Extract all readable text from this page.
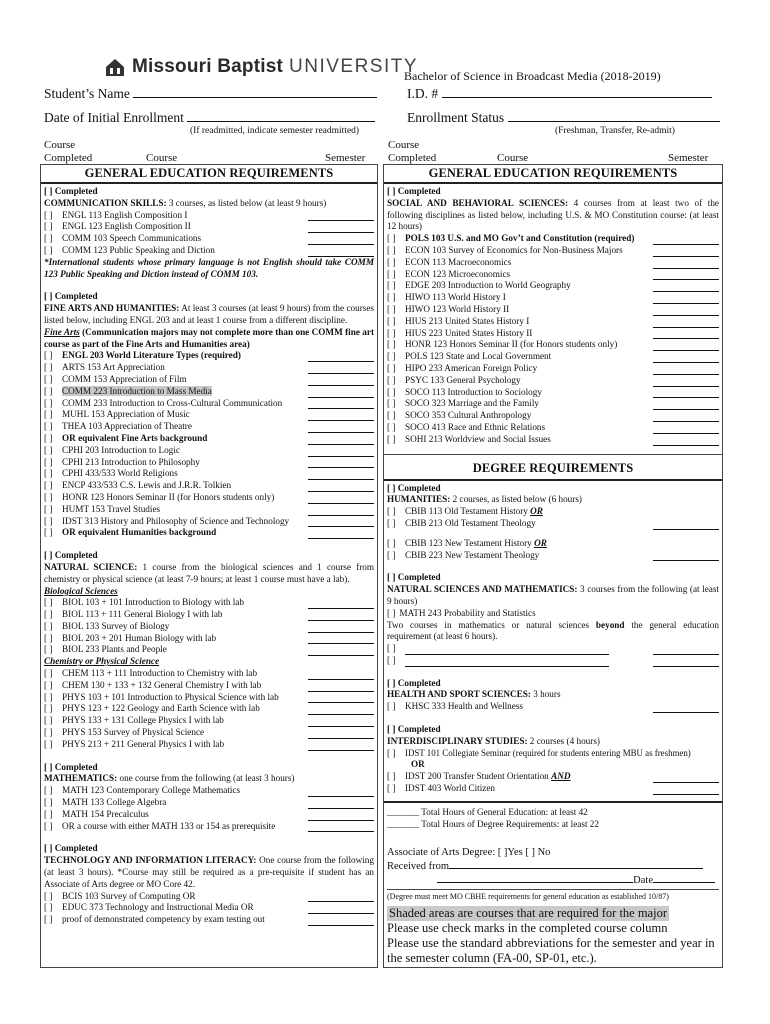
Missouri Baptist UNIVERSITY
Bachelor of Science in Broadcast Media (2018-2019)
Student’s Name	I.D. #
Date of Initial Enrollment
(If readmitted, indicate semester readmitted)
Enrollment Status
(Freshman, Transfer, Re-admit)
Course
Completed	Course	Semester
Course
Completed	Course	Semester
GENERAL EDUCATION REQUIREMENTS
[ ] Completed
COMMUNICATION SKILLS: 3 courses, as listed below (at least 9 hours)
[ ]	ENGL 113 English Composition I
[ ]	ENGL 123 English Composition II
[ ]	COMM 103 Speech Communications
[ ]	COMM 123 Public Speaking and Diction

*International students whose primary language is not English should take COMM 123 Public Speaking and Diction instead of COMM 103.

[ ] Completed

FINE ARTS AND HUMANITIES: At least 3 courses (at least 9 hours) from the courses listed below, including ENGL 203 and at least 1 course from a different discipline.

Fine Arts (Communication majors may not complete more than one COMM fine art course as part of the Fine Arts and Humanities area)

[ ]	ENGL 203 World Literature Types (required)
[ ]	ARTS 153 Art Appreciation
[ ]	COMM 153 Appreciation of Film
[ ]	COMM 223 Introduction to Mass Media
[ ]	COMM 233 Introduction to Cross-Cultural Communication
[ ]	MUHL 153 Appreciation of Music
[ ]	THEA 103 Appreciation of Theatre
[ ]	OR equivalent Fine Arts background
[ ]	CPHI 203 Introduction to Logic
[ ]	CPHI 213 Introduction to Philosophy
[ ]	CPHI 433/533 World Religions
[ ]	ENCP 433/533 C.S. Lewis and J.R.R. Tolkien
[ ]	HONR 123 Honors Seminar II (for Honors students only)
[ ]	HUMT 153 Travel Studies
[ ]	IDST 313 History and Philosophy of Science and Technology
[ ]	OR equivalent Humanities background
[ ] Completed

NATURAL SCIENCE: 1 course from the biological sciences and 1 course from chemistry or physical science (at least 7-9 hours; at least 1 course must have a lab).

Biological Sciences
[ ]	BIOL 103 + 101 Introduction to Biology with lab
[ ]	BIOL 113 + 111 General Biology I with lab
[ ]	BIOL 133 Survey of Biology
[ ]	BIOL 203 + 201 Human Biology with lab
[ ]	BIOL 233 Plants and People
Chemistry or Physical Science
[ ]	CHEM 113 + 111 Introduction to Chemistry with lab
[ ]	CHEM 130 + 133 + 132 General Chemistry I with lab
[ ]	PHYS 103 + 101 Introduction to Physical Science with lab
[ ]	PHYS 123 + 122 Geology and Earth Science with lab
[ ]	PHYS 133 + 131 College Physics I with lab
[ ]	PHYS 153 Survey of Physical Science
[ ]	PHYS 213 + 211 General Physics I with lab
[ ] Completed
MATHEMATICS: one course from the following (at least 3 hours)
[ ]	MATH 123 Contemporary College Mathematics
[ ]	MATH 133 College Algebra
[ ]	MATH 154 Precalculus
[ ]	OR a course with either MATH 133 or 154 as prerequisite
[ ] Completed

TECHNOLOGY AND INFORMATION LITERACY: One course from the following (at least 3 hours). *Course may still be required as a pre-requisite if student has an Associate of Arts degree or MO Core 42.

[ ]	BCIS 103 Survey of Computing OR
[ ]	EDUC 373 Technology and Instructional Media OR
[ ]	proof of demonstrated competency by exam testing out
GENERAL EDUCATION REQUIREMENTS
[ ] Completed

SOCIAL AND BEHAVIORAL SCIENCES: 4 courses from at least two of the following disciplines as listed below, including U.S. & MO Constitution course: (at least 12 hours)

[ ]	POLS 103 U.S. and MO Gov’t and Constitution (required)
[ ]	ECON 103 Survey of Economics for Non-Business Majors
[ ]	ECON 113 Macroeconomics
[ ]	ECON 123 Microeconomics
[ ]	EDGE 203 Introduction to World Geography
[ ]	HIWO 113 World History I
[ ]	HIWO 123 World History II
[ ]	HIUS 213 United States History I
[ ]	HIUS 223 United States History II
[ ]	HONR 123 Honors Seminar II (for Honors students only)
[ ]	POLS 123 State and Local Government
[ ]	HIPO 233 American Foreign Policy
[ ]	PSYC 133 General Psychology
[ ]	SOCO 113 Introduction to Sociology
[ ]	SOCO 323 Marriage and the Family
[ ]	SOCO 353 Cultural Anthropology
[ ]	SOCO 413 Race and Ethnic Relations
[ ]	SOHI 213 Worldview and Social Issues
DEGREE REQUIREMENTS
[ ] Completed
HUMANITIES: 2 courses, as listed below (6 hours)
[ ]	CBIB 113 Old Testament History OR
[ ]	CBIB 213 Old Testament Theology
[ ]	CBIB 123 New Testament History OR
[ ]	CBIB 223 New Testament Theology
[ ] Completed

NATURAL SCIENCES AND MATHEMATICS: 3 courses from the following (at least 9 hours)

[ ] MATH 243 Probability and Statistics

Two courses in mathematics or natural sciences beyond the general education requirement (at least 6 hours).

[ ]
[ ]
[ ] Completed
HEALTH AND SPORT SCIENCES: 3 hours
[ ]	KHSC 333 Health and Wellness
[ ] Completed
INTERDISCIPLINARY STUDIES: 2 courses (4 hours)
[ ]	IDST 101 Collegiate Seminar (required for students entering MBU as freshmen)
OR
[ ]	IDST 200 Transfer Student Orientation AND
[ ]	IDST 403 World Citizen
_______ Total Hours of General Education: at least 42
_______ Total Hours of Degree Requirements: at least 22
Associate of Arts Degree: [ ]Yes [ ] No
Received from
Date
(Degree must meet MO CBHE requirements for general education as established 10/87)
Shaded areas are courses that are required for the major
Please use check marks in the completed course column
Please use the standard abbreviations for the semester and year in the semester column (FA-00, SP-01, etc.).
